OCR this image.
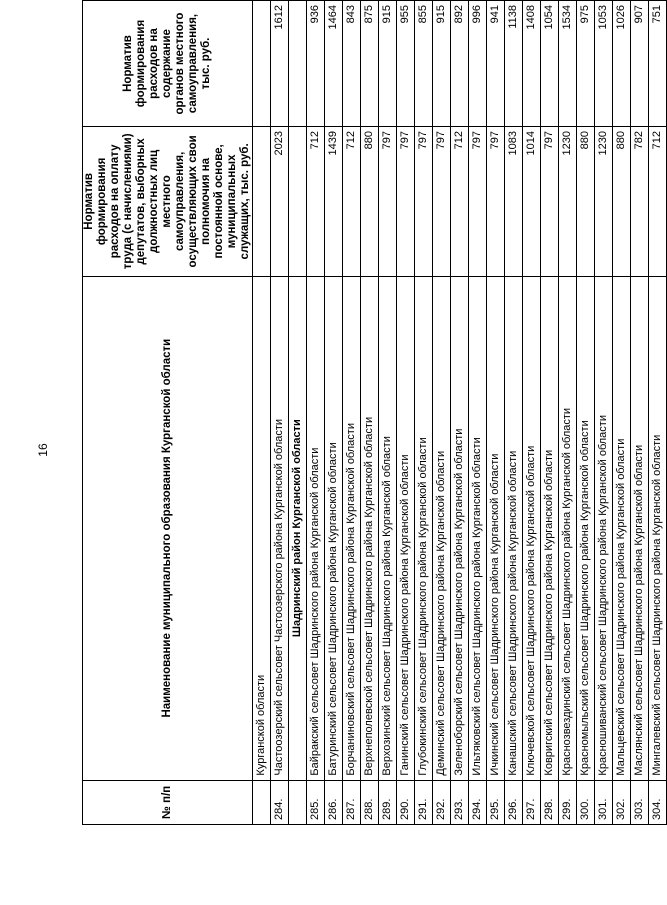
16
№ п/п	Наименование муниципального образования Курганской области	Норматив формирования расходов на оплату труда (с начислениями) депутатов, выборных должностных лиц местного самоуправления, осуществляющих свои полномочия на постоянной основе, муниципальных служащих, тыс. руб.	Норматив формирования расходов на содержание органов местного самоуправления, тыс. руб.
	Курганской области		
284.	Частоозерский сельсовет Частоозерского района Курганской области	2023	1612
	Шадринский район Курганской области		
285.	Байракский сельсовет Шадринского района Курганской области	712	936
286.	Батуринский сельсовет Шадринского района Курганской области	1439	1464
287.	Борчаниновский сельсовет Шадринского района Курганской области	712	843
288.	Верхнеполевской сельсовет Шадринского района Курганской области	880	875
289.	Верхозинский сельсовет Шадринского района Курганской области	797	915
290.	Ганинский сельсовет Шадринского района Курганской области	797	955
291.	Глубокинский сельсовет Шадринского района Курганской области	797	855
292.	Деминский сельсовет Шадринского района Курганской области	797	915
293.	Зеленоборский сельсовет Шадринского района Курганской области	712	892
294.	Ильтяковский сельсовет Шадринского района Курганской области	797	996
295.	Ичкинский сельсовет Шадринского района Курганской области	797	941
296.	Канашский сельсовет Шадринского района Курганской области	1083	1138
297.	Ключевской сельсовет Шадринского района Курганской области	1014	1408
298.	Ковригский сельсовет Шадринского района Курганской области	797	1054
299.	Краснозвездинский сельсовет Шадринского района Курганской области	1230	1534
300.	Красномыльский сельсовет Шадринского района Курганской области	880	975
301.	Красношиванский сельсовет Шадринского района Курганской области	1230	1053
302.	Мальцевский сельсовет Шадринского района Курганской области	880	1026
303.	Маслянский сельсовет Шадринского района Курганской области	782	907
304.	Мингалевский сельсовет Шадринского района Курганской области	712	751
